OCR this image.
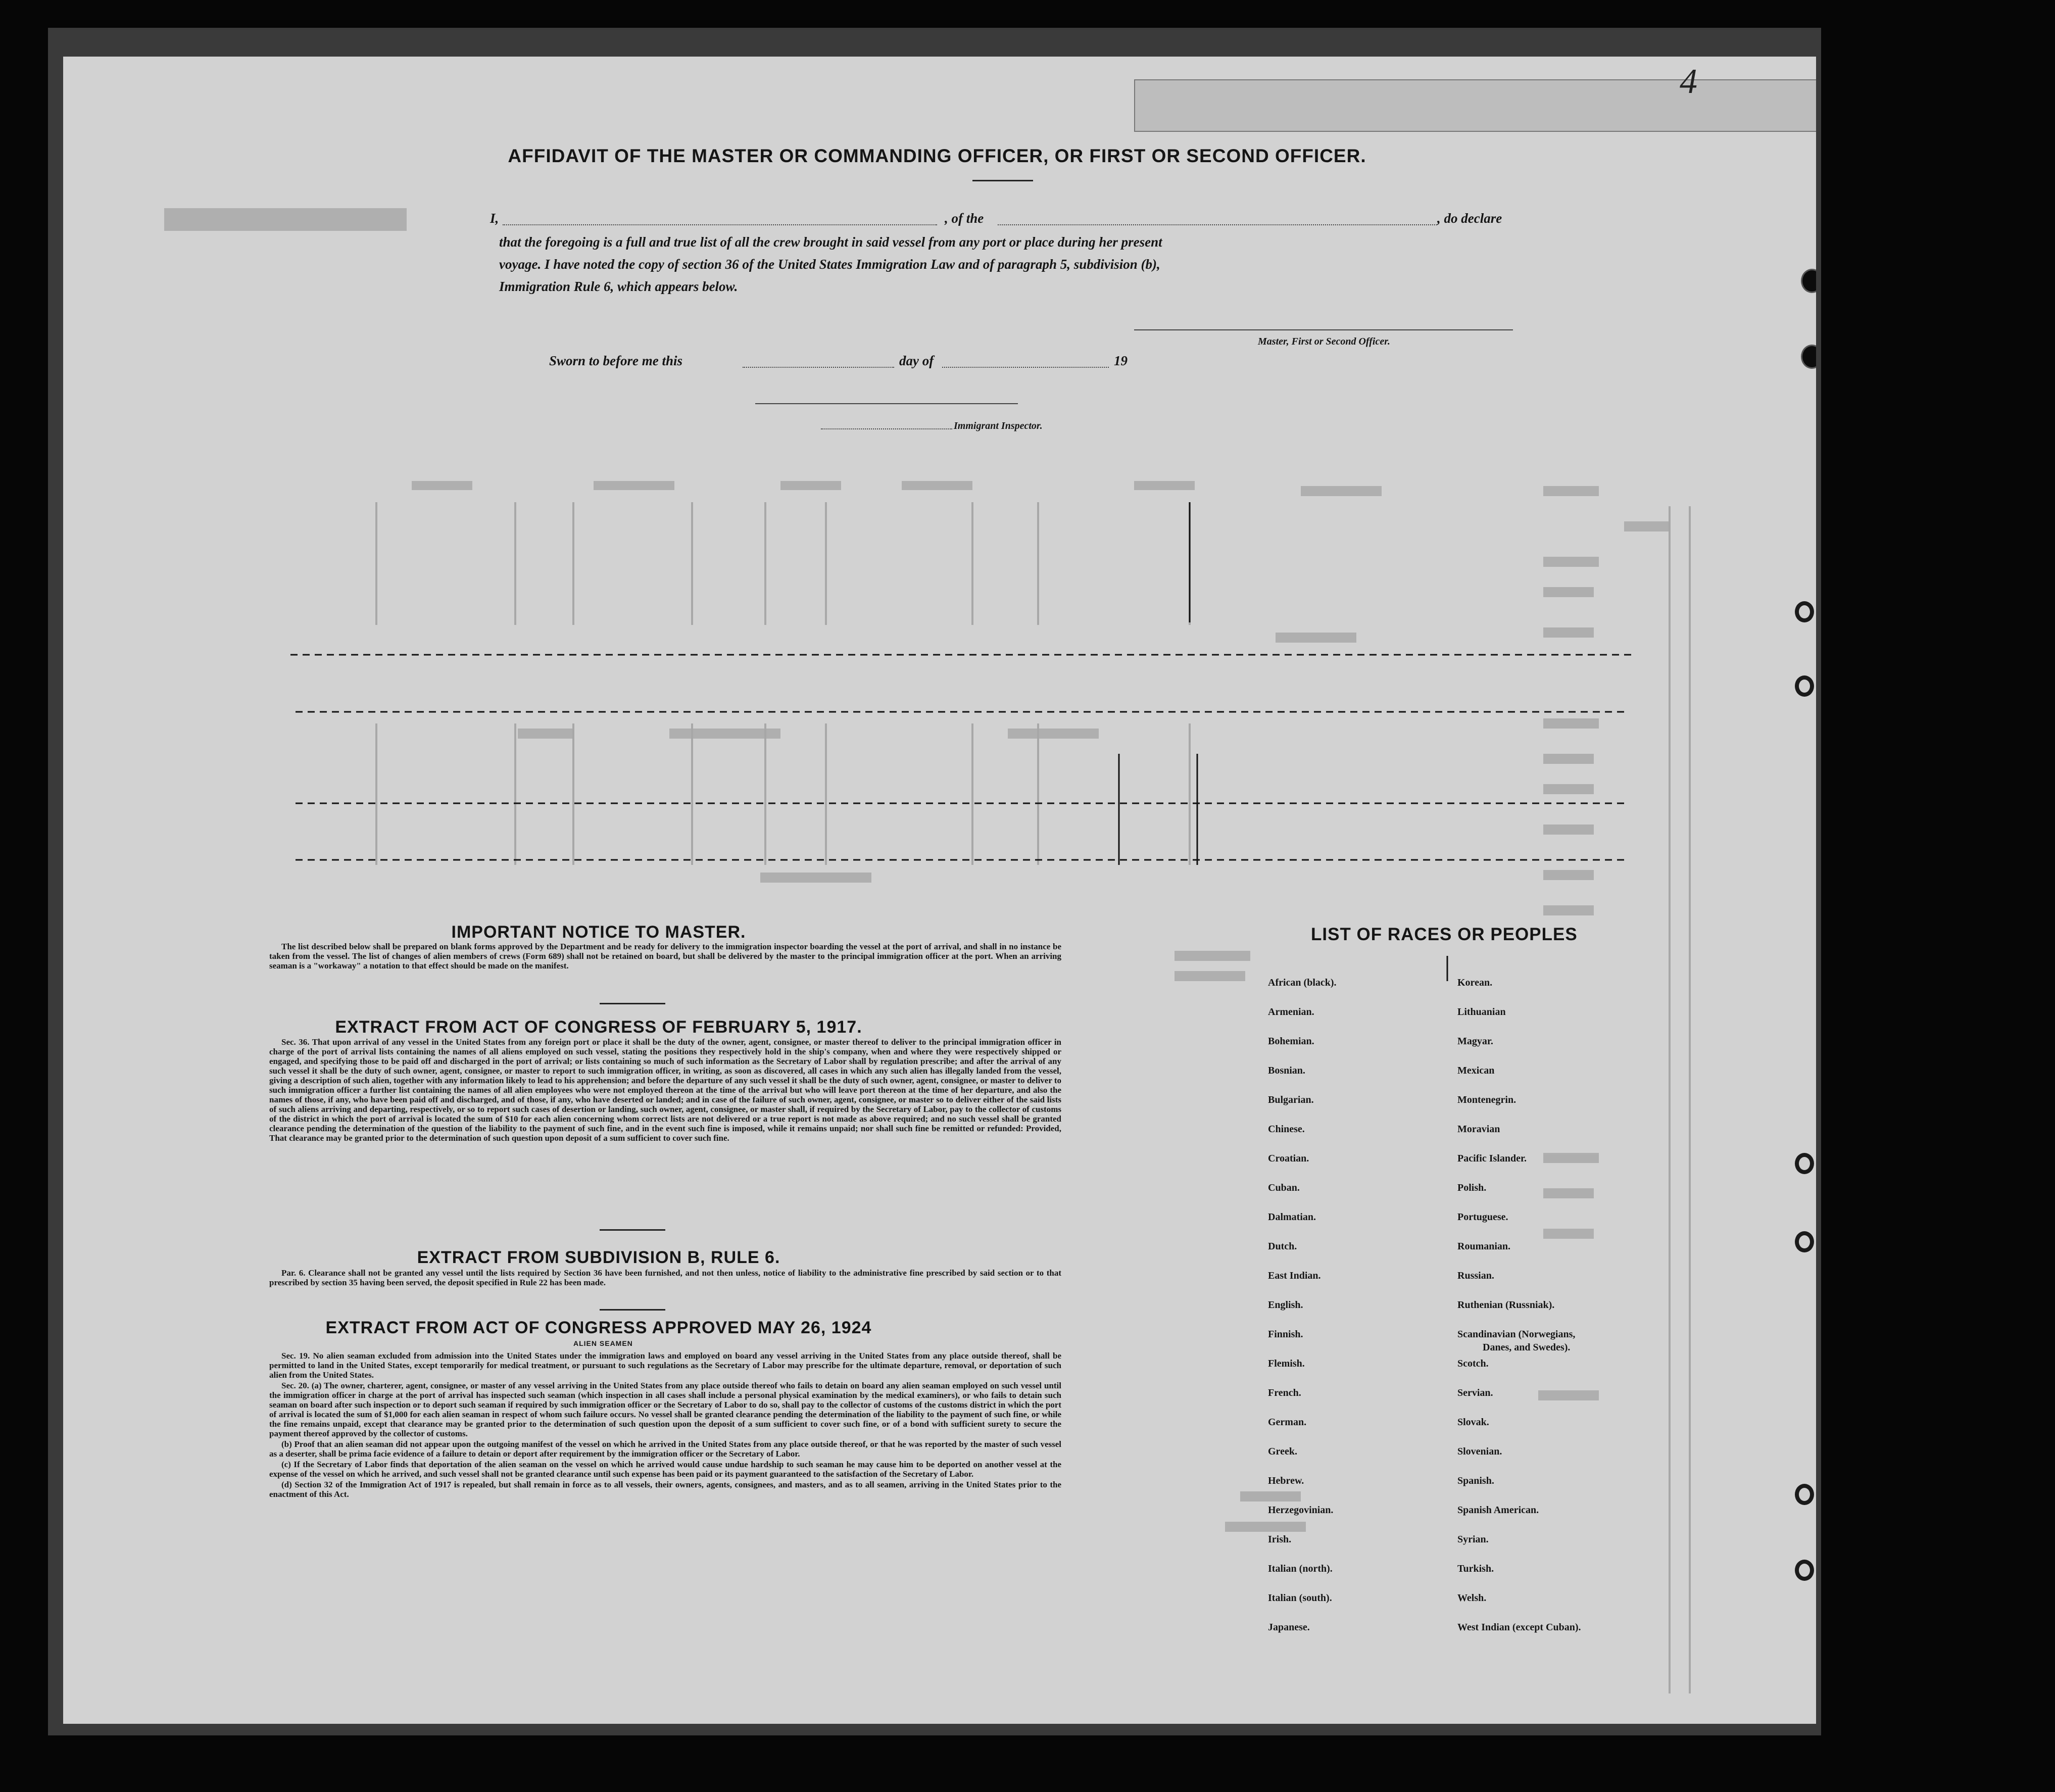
4
AFFIDAVIT OF THE MASTER OR COMMANDING OFFICER, OR FIRST OR SECOND OFFICER.
I,	, of the	, do declare
that the foregoing is a full and true list of all the crew brought in said vessel from any port or place during her present
voyage. I have noted the copy of section 36 of the United States Immigration Law and of paragraph 5, subdivision (b),
Immigration Rule 6, which appears below.
Master, First or Second Officer.
Sworn to before me this	day of	19
Immigrant Inspector.
IMPORTANT NOTICE TO MASTER.

The list described below shall be prepared on blank forms approved by the Department and be ready for delivery to the immigration inspector boarding the vessel at the port of arrival, and shall in no instance be taken from the vessel. The list of changes of alien members of crews (Form 689) shall not be retained on board, but shall be delivered by the master to the principal immigration officer at the port. When an arriving seaman is a "workaway" a notation to that effect should be made on the manifest.

EXTRACT FROM ACT OF CONGRESS OF FEBRUARY 5, 1917.

Sec. 36. That upon arrival of any vessel in the United States from any foreign port or place it shall be the duty of the owner, agent, consignee, or master thereof to deliver to the principal immigration officer in charge of the port of arrival lists containing the names of all aliens employed on such vessel, stating the positions they respectively hold in the ship's company, when and where they were respectively shipped or engaged, and specifying those to be paid off and discharged in the port of arrival; or lists containing so much of such information as the Secretary of Labor shall by regulation prescribe; and after the arrival of any such vessel it shall be the duty of such owner, agent, consignee, or master to report to such immigration officer, in writing, as soon as discovered, all cases in which any such alien has illegally landed from the vessel, giving a description of such alien, together with any information likely to lead to his apprehension; and before the departure of any such vessel it shall be the duty of such owner, agent, consignee, or master to deliver to such immigration officer a further list containing the names of all alien employees who were not employed thereon at the time of the arrival but who will leave port thereon at the time of her departure, and also the names of those, if any, who have been paid off and discharged, and of those, if any, who have deserted or landed; and in case of the failure of such owner, agent, consignee, or master so to deliver either of the said lists of such aliens arriving and departing, respectively, or so to report such cases of desertion or landing, such owner, agent, consignee, or master shall, if required by the Secretary of Labor, pay to the collector of customs of the district in which the port of arrival is located the sum of $10 for each alien concerning whom correct lists are not delivered or a true report is not made as above required; and no such vessel shall be granted clearance pending the determination of the question of the liability to the payment of such fine, and in the event such fine is imposed, while it remains unpaid; nor shall such fine be remitted or refunded: Provided, That clearance may be granted prior to the determination of such question upon deposit of a sum sufficient to cover such fine.

EXTRACT FROM SUBDIVISION B, RULE 6.

Par. 6. Clearance shall not be granted any vessel until the lists required by Section 36 have been furnished, and not then unless, notice of liability to the administrative fine prescribed by said section or to that prescribed by section 35 having been served, the deposit specified in Rule 22 has been made.

EXTRACT FROM ACT OF CONGRESS APPROVED MAY 26, 1924
ALIEN SEAMEN

Sec. 19. No alien seaman excluded from admission into the United States under the immigration laws and employed on board any vessel arriving in the United States from any place outside thereof, shall be permitted to land in the United States, except temporarily for medical treatment, or pursuant to such regulations as the Secretary of Labor may prescribe for the ultimate departure, removal, or deportation of such alien from the United States.

Sec. 20. (a) The owner, charterer, agent, consignee, or master of any vessel arriving in the United States from any place outside thereof who fails to detain on board any alien seaman employed on such vessel until the immigration officer in charge at the port of arrival has inspected such seaman (which inspection in all cases shall include a personal physical examination by the medical examiners), or who fails to detain such seaman on board after such inspection or to deport such seaman if required by such immigration officer or the Secretary of Labor to do so, shall pay to the collector of customs of the customs district in which the port of arrival is located the sum of $1,000 for each alien seaman in respect of whom such failure occurs. No vessel shall be granted clearance pending the determination of the liability to the payment of such fine, or while the fine remains unpaid, except that clearance may be granted prior to the determination of such question upon the deposit of a sum sufficient to cover such fine, or of a bond with sufficient surety to secure the payment thereof approved by the collector of customs.

(b) Proof that an alien seaman did not appear upon the outgoing manifest of the vessel on which he arrived in the United States from any place outside thereof, or that he was reported by the master of such vessel as a deserter, shall be prima facie evidence of a failure to detain or deport after requirement by the immigration officer or the Secretary of Labor.

(c) If the Secretary of Labor finds that deportation of the alien seaman on the vessel on which he arrived would cause undue hardship to such seaman he may cause him to be deported on another vessel at the expense of the vessel on which he arrived, and such vessel shall not be granted clearance until such expense has been paid or its payment guaranteed to the satisfaction of the Secretary of Labor.

(d) Section 32 of the Immigration Act of 1917 is repealed, but shall remain in force as to all vessels, their owners, agents, consignees, and masters, and as to all seamen, arriving in the United States prior to the enactment of this Act.

LIST OF RACES OR PEOPLES
African (black).
Armenian.
Bohemian.
Bosnian.
Bulgarian.
Chinese.
Croatian.
Cuban.
Dalmatian.
Dutch.
East Indian.
English.
Finnish.
Flemish.
French.
German.
Greek.
Hebrew.
Herzegovinian.
Irish.
Italian (north).
Italian (south).
Japanese.
Korean.
Lithuanian
Magyar.
Mexican
Montenegrin.
Moravian
Pacific Islander.
Polish.
Portuguese.
Roumanian.
Russian.
Ruthenian (Russniak).
Scandinavian (Norwegians,
Danes, and Swedes).
Scotch.
Servian.
Slovak.
Slovenian.
Spanish.
Spanish American.
Syrian.
Turkish.
Welsh.
West Indian (except Cuban).
